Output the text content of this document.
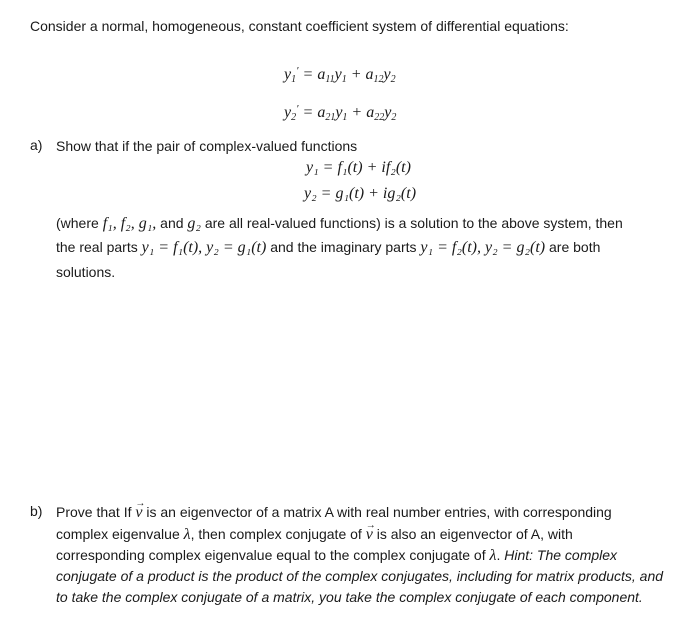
Consider a normal, homogeneous, constant coefficient system of differential equations:
$y_1' = a_{11}y_1 + a_{12}y_2$
$y_2' = a_{21}y_1 + a_{22}y_2$
a) Show that if the pair of complex-valued functions
y₁ = f₁(t) + if₂(t)
y₂ = g₁(t) + ig₂(t)
(where f₁, f₂, g₁, and g₂ are all real-valued functions) is a solution to the above system, then
the real parts y₁ = f₁(t), y₂ = g₁(t) and the imaginary parts y₁ = f₂(t), y₂ = g₂(t) are both
solutions.
b) Prove that If → v is an eigenvector of a matrix A with real number entries, with corresponding
complex eigenvalue λ, then complex conjugate of → v is also an eigenvector of A, with
corresponding complex eigenvalue equal to the complex conjugate of λ. Hint: The complex
conjugate of a product is the product of the complex conjugates, including for matrix products, and
to take the complex conjugate of a matrix, you take the complex conjugate of each component.
